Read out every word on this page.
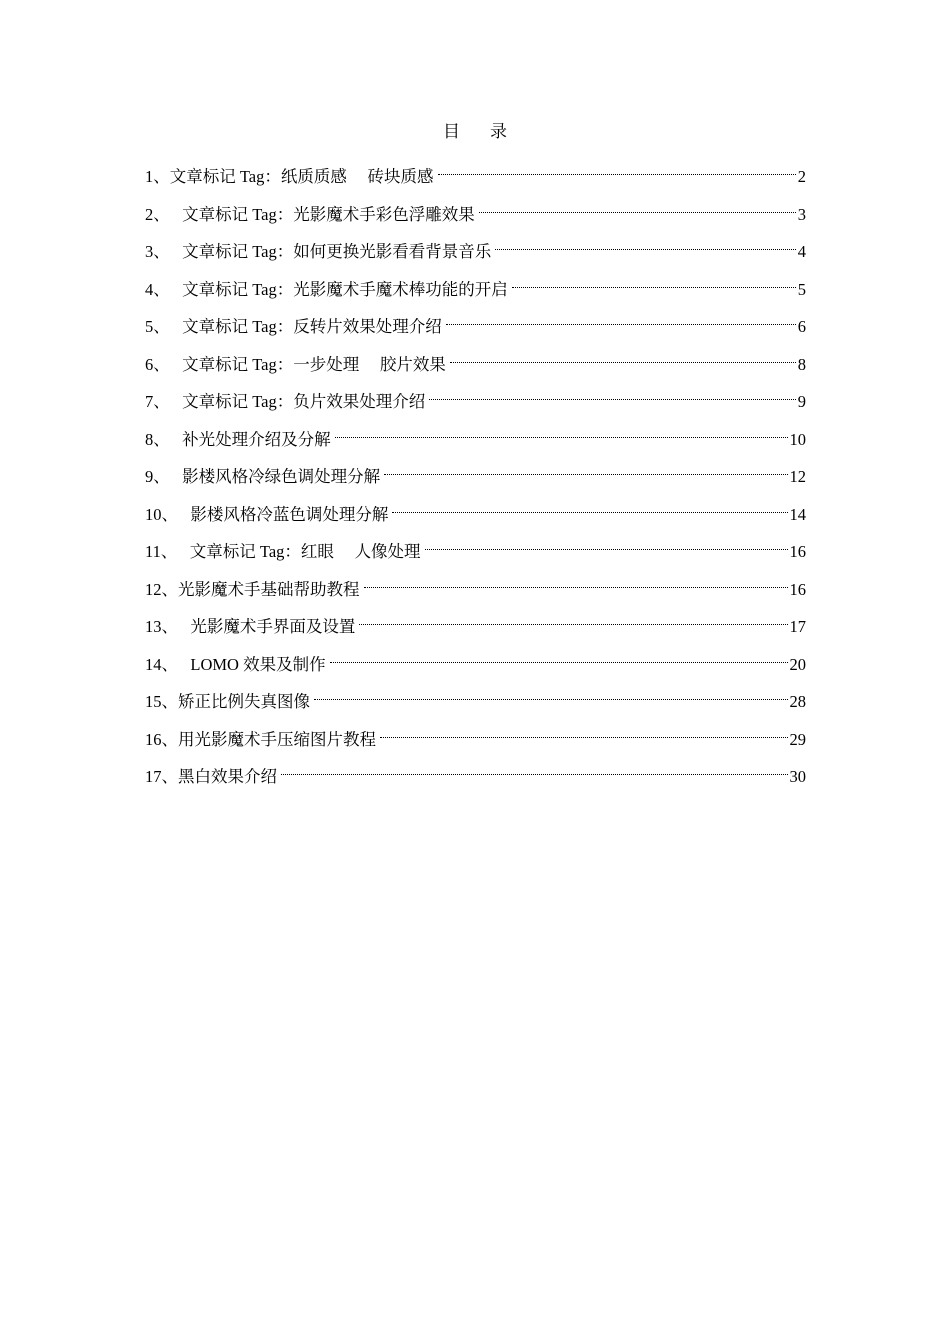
目 录
1、文章标记 Tag：纸质质感     砖块质感	2
2、   文章标记 Tag：光影魔术手彩色浮雕效果	3
3、   文章标记 Tag：如何更换光影看看背景音乐	4
4、   文章标记 Tag：光影魔术手魔术棒功能的开启	5
5、   文章标记 Tag：反转片效果处理介绍	6
6、   文章标记 Tag：一步处理     胶片效果	8
7、   文章标记 Tag：负片效果处理介绍	9
8、   补光处理介绍及分解	10
9、   影楼风格冷绿色调处理分解	12
10、   影楼风格冷蓝色调处理分解	14
11、   文章标记 Tag：红眼     人像处理	16
12、光影魔术手基础帮助教程	16
13、   光影魔术手界面及设置	17
14、   LOMO 效果及制作	20
15、矫正比例失真图像	28
16、用光影魔术手压缩图片教程	29
17、黑白效果介绍	30
